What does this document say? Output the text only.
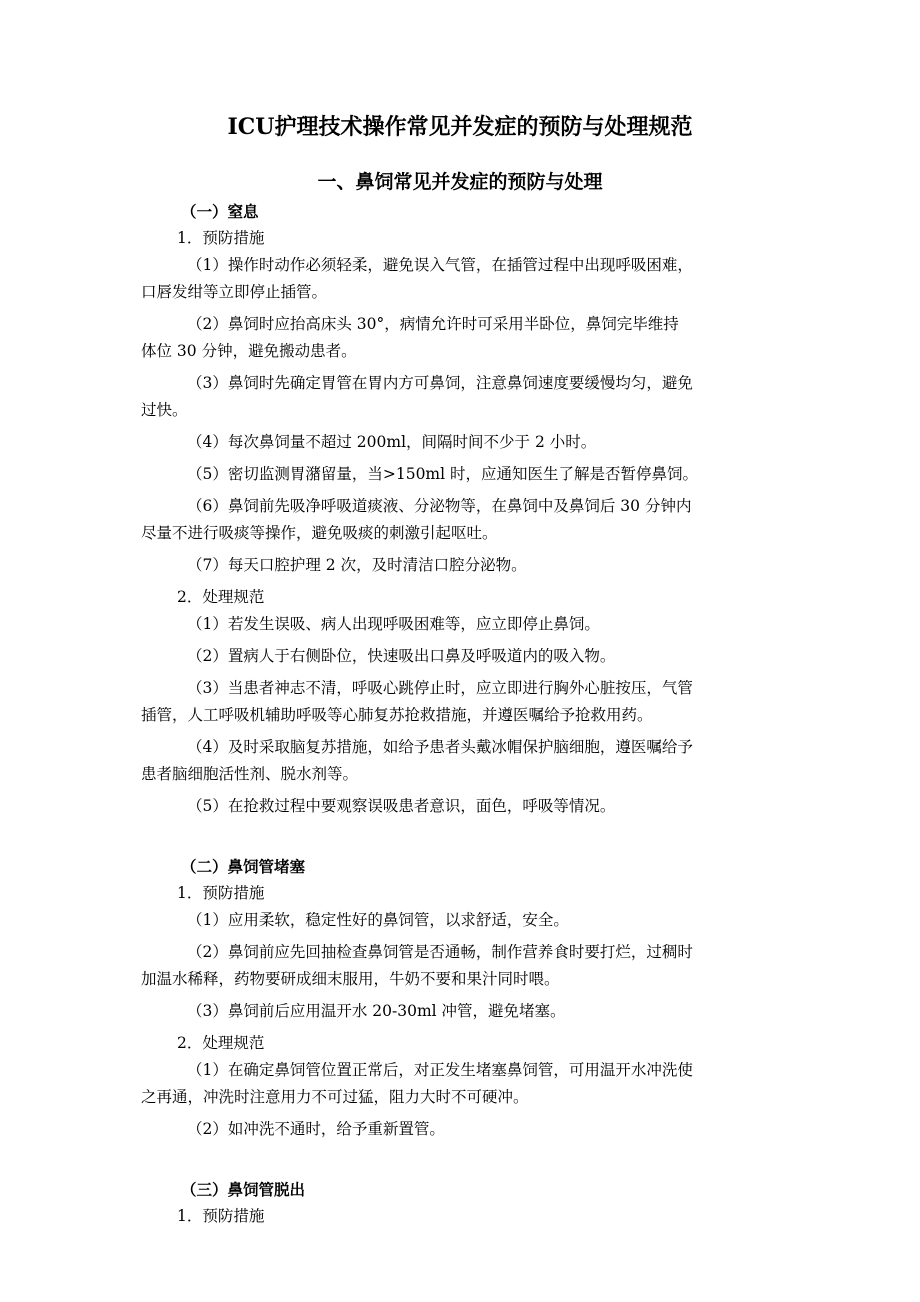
ICU护理技术操作常见并发症的预防与处理规范
一、鼻饲常见并发症的预防与处理

（一）窒息

1．预防措施

（1）操作时动作必须轻柔，避免误入气管，在插管过程中出现呼吸困难，

口唇发绀等立即停止插管。

（2）鼻饲时应抬高床头 30°，病情允许时可采用半卧位，鼻饲完毕维持

体位 30 分钟，避免搬动患者。

（3）鼻饲时先确定胃管在胃内方可鼻饲，注意鼻饲速度要缓慢均匀，避免

过快。

（4）每次鼻饲量不超过 200ml，间隔时间不少于 2 小时。

（5）密切监测胃潴留量，当>150ml 时，应通知医生了解是否暂停鼻饲。

（6）鼻饲前先吸净呼吸道痰液、分泌物等，在鼻饲中及鼻饲后 30 分钟内

尽量不进行吸痰等操作，避免吸痰的刺激引起呕吐。

（7）每天口腔护理 2 次，及时清洁口腔分泌物。

2．处理规范

（1）若发生误吸、病人出现呼吸困难等，应立即停止鼻饲。

（2）置病人于右侧卧位，快速吸出口鼻及呼吸道内的吸入物。

（3）当患者神志不清，呼吸心跳停止时，应立即进行胸外心脏按压，气管

插管，人工呼吸机辅助呼吸等心肺复苏抢救措施，并遵医嘱给予抢救用药。

（4）及时采取脑复苏措施，如给予患者头戴冰帽保护脑细胞，遵医嘱给予

患者脑细胞活性剂、脱水剂等。

（5）在抢救过程中要观察误吸患者意识，面色，呼吸等情况。

（二）鼻饲管堵塞

1．预防措施

（1）应用柔软，稳定性好的鼻饲管，以求舒适，安全。

（2）鼻饲前应先回抽检查鼻饲管是否通畅，制作营养食时要打烂，过稠时

加温水稀释，药物要研成细末服用，牛奶不要和果汁同时喂。

（3）鼻饲前后应用温开水 20-30ml 冲管，避免堵塞。

2．处理规范

（1）在确定鼻饲管位置正常后，对正发生堵塞鼻饲管，可用温开水冲洗使

之再通，冲洗时注意用力不可过猛，阻力大时不可硬冲。

（2）如冲洗不通时，给予重新置管。

（三）鼻饲管脱出

1．预防措施
